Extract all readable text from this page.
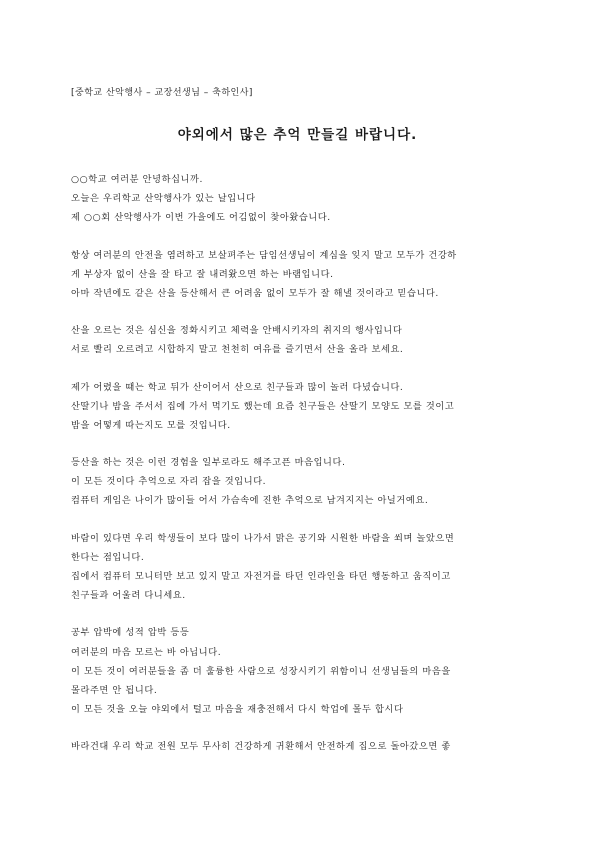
[중학교 산악행사 – 교장선생님 – 축하인사]
야외에서 많은 추억 만들길 바랍니다.
○○학교 여러분 안녕하십니까.
오늘은 우리학교 산악행사가 있는 날입니다
제 ○○회 산악행사가 이번 가을에도 어김없이 찾아왔습니다.
항상 여러분의 안전을 염려하고 보살펴주는 담임선생님이 계심을 잊지 말고 모두가 건강하
게 부상자 없이 산을 잘 타고 잘 내려왔으면 하는 바램입니다.
아마 작년에도 같은 산을 등산해서 큰 어려움 없이 모두가 잘 해낼 것이라고 믿습니다.
산을 오르는 것은 심신을 정화시키고 체력을 안배시키자의 취지의 행사입니다
서로 빨리 오르려고 시합하지 말고 천천히 여유를 즐기면서 산을 올라 보세요.
제가 어렸을 때는 학교 뒤가 산이어서 산으로 친구들과 많이 놀러 다녔습니다.
산딸기나 밤을 주서서 집에 가서 먹기도 했는데 요즘 친구들은 산딸기 모양도 모를 것이고
밤을 어떻게 따는지도 모를 것입니다.
등산을 하는 것은 이런 경험을 일부로라도 해주고픈 마음입니다.
이 모든 것이다 추억으로 자리 잡을 것입니다.
컴퓨터 게임은 나이가 많이들 어서 가슴속에 진한 추억으로 남겨지지는 아닐거예요.
바람이 있다면 우리 학생들이 보다 많이 나가서 맑은 공기와 시원한 바람을 쐬며 놀았으면
한다는 점입니다.
집에서 컴퓨터 모니터만 보고 있지 말고 자전거를 타던 인라인을 타던 행동하고 움직이고
친구들과 어울려 다니세요.
공부 압박에 성적 압박 등등
여러분의 마음 모르는 바 아닙니다.
이 모든 것이 여러분들을 좀 더 훌륭한 사람으로 성장시키기 위함이니 선생님들의 마음을
몰라주면 안 됩니다.
이 모든 것을 오늘 야외에서 털고 마음을 재충전해서 다시 학업에 몰두 합시다
바라건대 우리 학교 전원 모두 무사히 건강하게 귀환해서 안전하게 집으로 돌아갔으면 좋
